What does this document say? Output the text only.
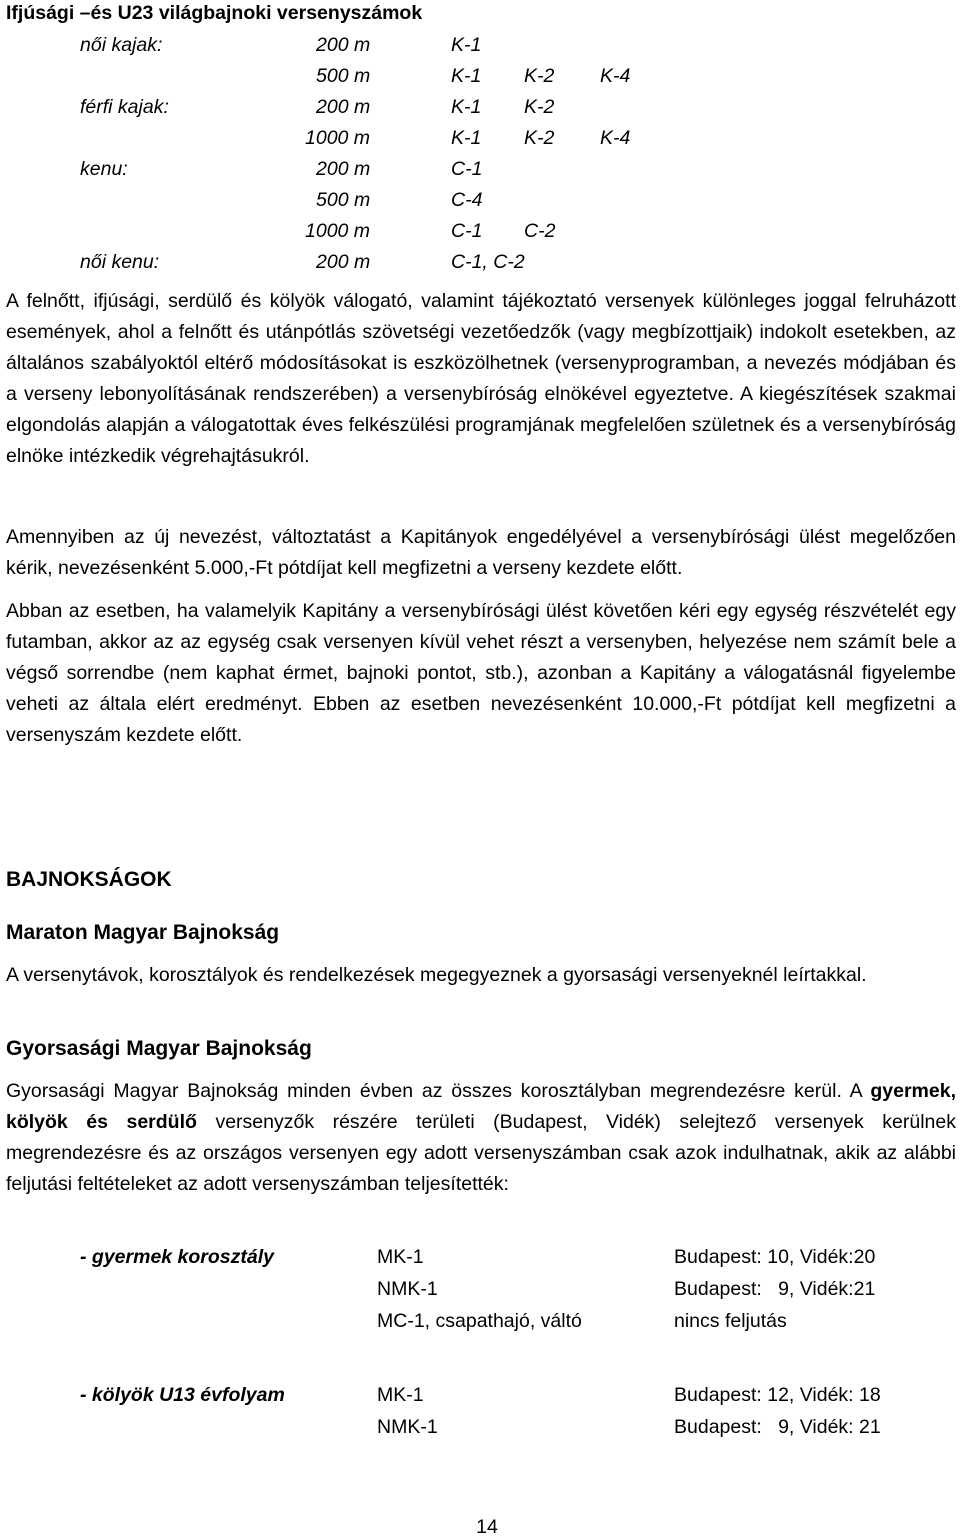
Ifjúsági –és U23 világbajnoki versenyszámok
női kajak:	200 m	K-1
500 m	K-1 K-2 K-4
férfi kajak:	200 m	K-1 K-2
1000 m	K-1 K-2 K-4
kenu:	200 m	C-1
500 m	C-4
1000 m	C-1 C-2
női kenu:	200 m	C-1, C-2
A felnőtt, ifjúsági, serdülő és kölyök válogató, valamint tájékoztató versenyek különleges joggal felruházott események, ahol a felnőtt és utánpótlás szövetségi vezetőedzők (vagy megbízottjaik) indokolt esetekben, az általános szabályoktól eltérő módosításokat is eszközölhetnek (versenyprogramban, a nevezés módjában és a verseny lebonyolításának rendszerében) a versenybíróság elnökével egyeztetve. A kiegészítések szakmai elgondolás alapján a válogatottak éves felkészülési programjának megfelelően születnek és a versenybíróság elnöke intézkedik végrehajtásukról.
Amennyiben az új nevezést, változtatást a Kapitányok engedélyével a versenybírósági ülést megelőzően kérik, nevezésenként 5.000,-Ft pótdíjat kell megfizetni a verseny kezdete előtt.
Abban az esetben, ha valamelyik Kapitány a versenybírósági ülést követően kéri egy egység részvételét egy futamban, akkor az az egység csak versenyen kívül vehet részt a versenyben, helyezése nem számít bele a végső sorrendbe (nem kaphat érmet, bajnoki pontot, stb.), azonban a Kapitány a válogatásnál figyelembe veheti az általa elért eredményt. Ebben az esetben nevezésenként 10.000,-Ft pótdíjat kell megfizetni a versenyszám kezdete előtt.
BAJNOKSÁGOK
Maraton Magyar Bajnokság
A versenytávok, korosztályok és rendelkezések megegyeznek a gyorsasági versenyeknél leírtakkal.
Gyorsasági Magyar Bajnokság
Gyorsasági Magyar Bajnokság minden évben az összes korosztályban megrendezésre kerül. A gyermek, kölyök és serdülő versenyzők részére területi (Budapest, Vidék) selejtező versenyek kerülnek megrendezésre és az országos versenyen egy adott versenyszámban csak azok indulhatnak, akik az alábbi feljutási feltételeket az adott versenyszámban teljesítették:
- gyermek korosztály	MK-1	Budapest: 10, Vidék:20
NMK-1	Budapest:   9, Vidék:21
MC-1, csapathajó, váltó	nincs feljutás
- kölyök U13 évfolyam	MK-1	Budapest: 12, Vidék: 18
NMK-1	Budapest:   9, Vidék: 21
14
